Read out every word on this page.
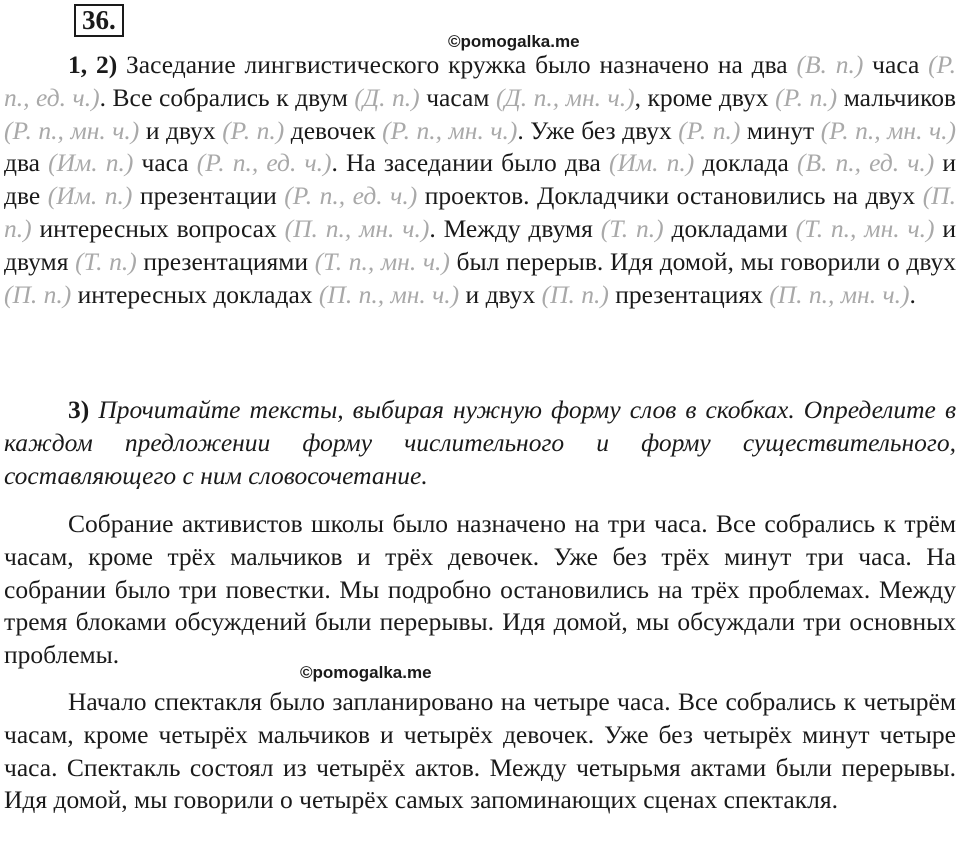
36.
©pomogalka.me

1, 2) Заседание лингвистического кружка было назначено на два (В. п.) часа (Р. п., ед. ч.). Все собрались к двум (Д. п.) часам (Д. п., мн. ч.), кроме двух (Р. п.) мальчиков (Р. п., мн. ч.) и двух (Р. п.) девочек (Р. п., мн. ч.). Уже без двух (Р. п.) минут (Р. п., мн. ч.) два (Им. п.) часа (Р. п., ед. ч.). На заседании было два (Им. п.) доклада (В. п., ед. ч.) и две (Им. п.) презентации (Р. п., ед. ч.) проектов. Докладчики остановились на двух (П. п.) интересных вопросах (П. п., мн. ч.). Между двумя (Т. п.) докладами (Т. п., мн. ч.) и двумя (Т. п.) презентациями (Т. п., мн. ч.) был перерыв. Идя домой, мы говорили о двух (П. п.) интересных докладах (П. п., мн. ч.) и двух (П. п.) презентациях (П. п., мн. ч.).

3) Прочитайте тексты, выбирая нужную форму слов в скобках. Определите в каждом предложении форму числительного и форму существительного, составляющего с ним словосочетание.

Собрание активистов школы было назначено на три часа. Все собрались к трём часам, кроме трёх мальчиков и трёх девочек. Уже без трёх минут три часа. На собрании было три повестки. Мы подробно остановились на трёх проблемах. Между тремя блоками обсуждений были перерывы. Идя домой, мы обсуждали три основных проблемы.

©pomogalka.me

Начало спектакля было запланировано на четыре часа. Все собрались к четырём часам, кроме четырёх мальчиков и четырёх девочек. Уже без четырёх минут четыре часа. Спектакль состоял из четырёх актов. Между четырьмя актами были перерывы. Идя домой, мы говорили о четырёх самых запоминающих сценах спектакля.
